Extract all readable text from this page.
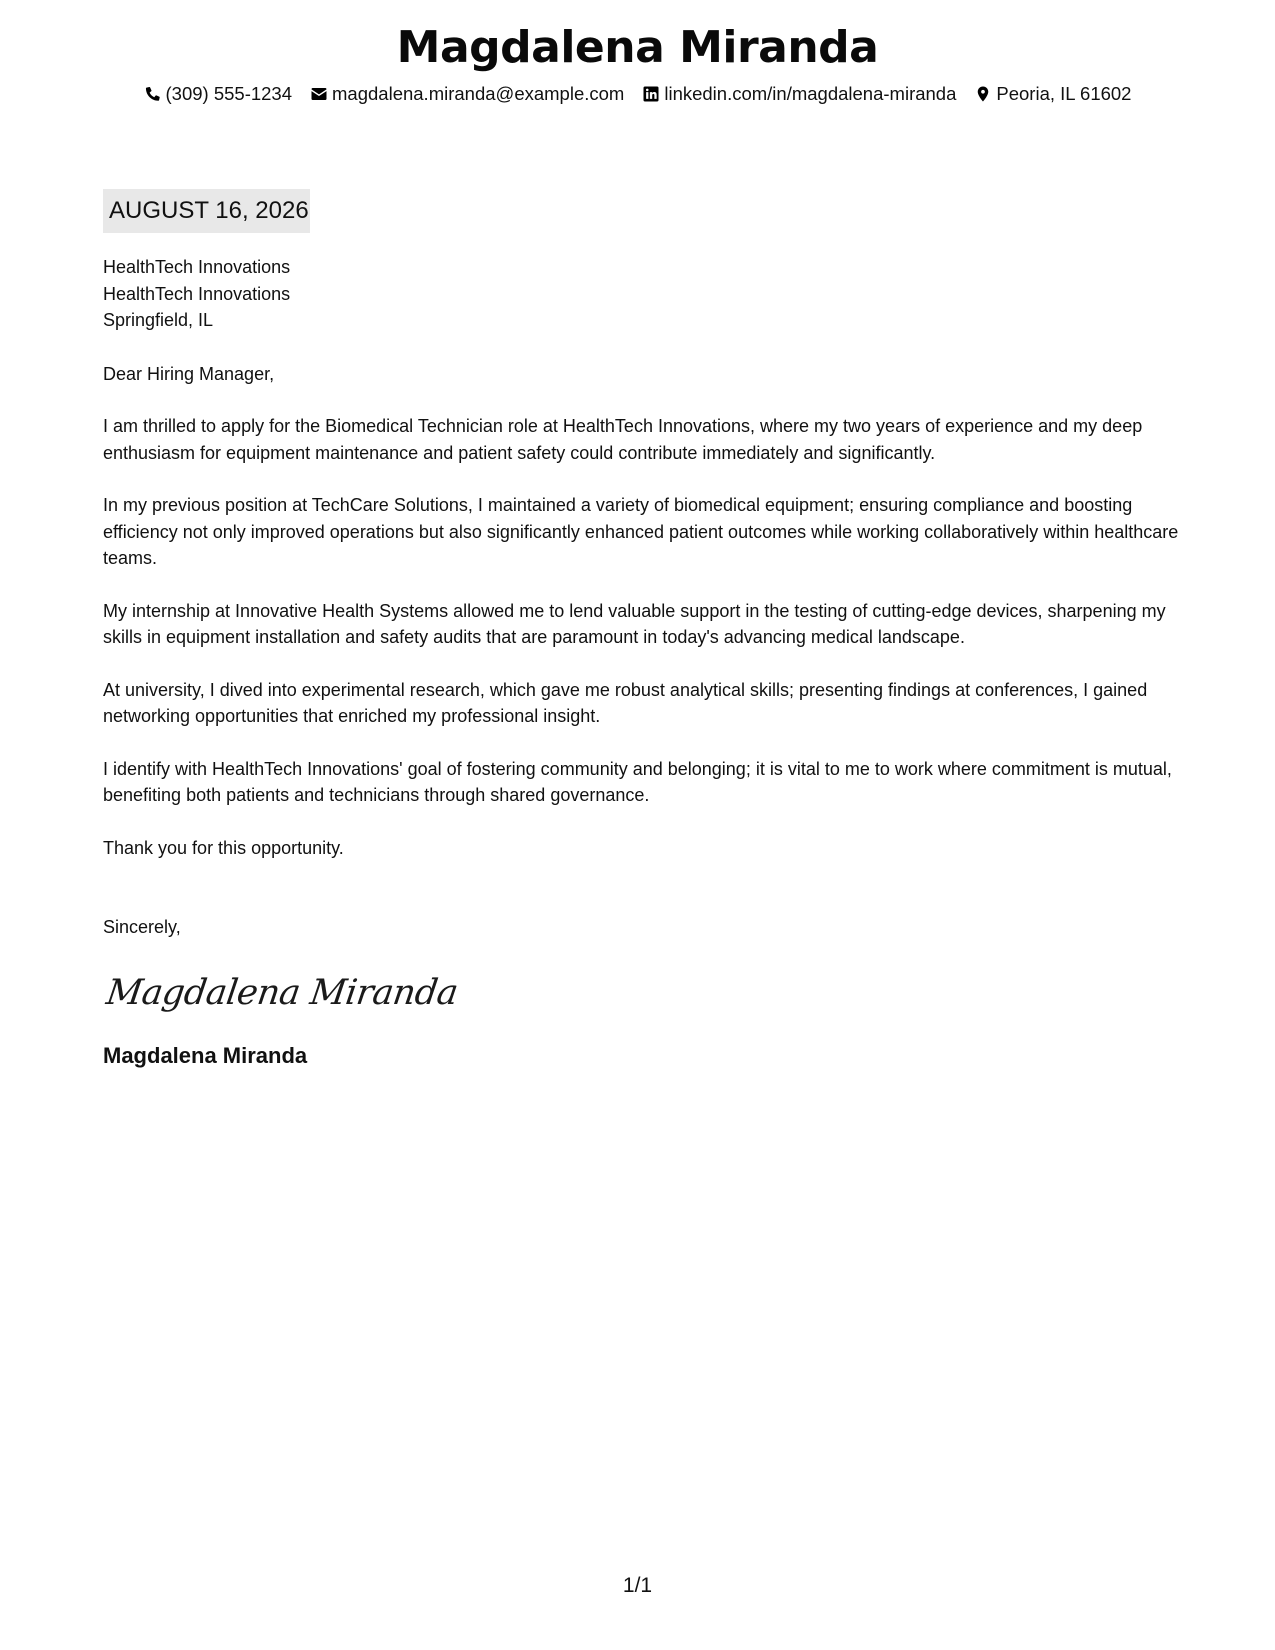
Magdalena Miranda
(309) 555-1234 magdalena.miranda@example.com linkedin.com/in/magdalena-miranda Peoria, IL 61602
AUGUST 16, 2026
HealthTech Innovations
HealthTech Innovations
Springfield, IL
Dear Hiring Manager,

I am thrilled to apply for the Biomedical Technician role at HealthTech Innovations, where my two years of experience and my deep enthusiasm for equipment maintenance and patient safety could contribute immediately and significantly.

In my previous position at TechCare Solutions, I maintained a variety of biomedical equipment; ensuring compliance and boosting efficiency not only improved operations but also significantly enhanced patient outcomes while working collaboratively within healthcare teams.

My internship at Innovative Health Systems allowed me to lend valuable support in the testing of cutting-edge devices, sharpening my skills in equipment installation and safety audits that are paramount in today's advancing medical landscape.

At university, I dived into experimental research, which gave me robust analytical skills; presenting findings at conferences, I gained networking opportunities that enriched my professional insight.

I identify with HealthTech Innovations' goal of fostering community and belonging; it is vital to me to work where commitment is mutual, benefiting both patients and technicians through shared governance.

Thank you for this opportunity.

Sincerely,
Magdalena Miranda
Magdalena Miranda
1/1
